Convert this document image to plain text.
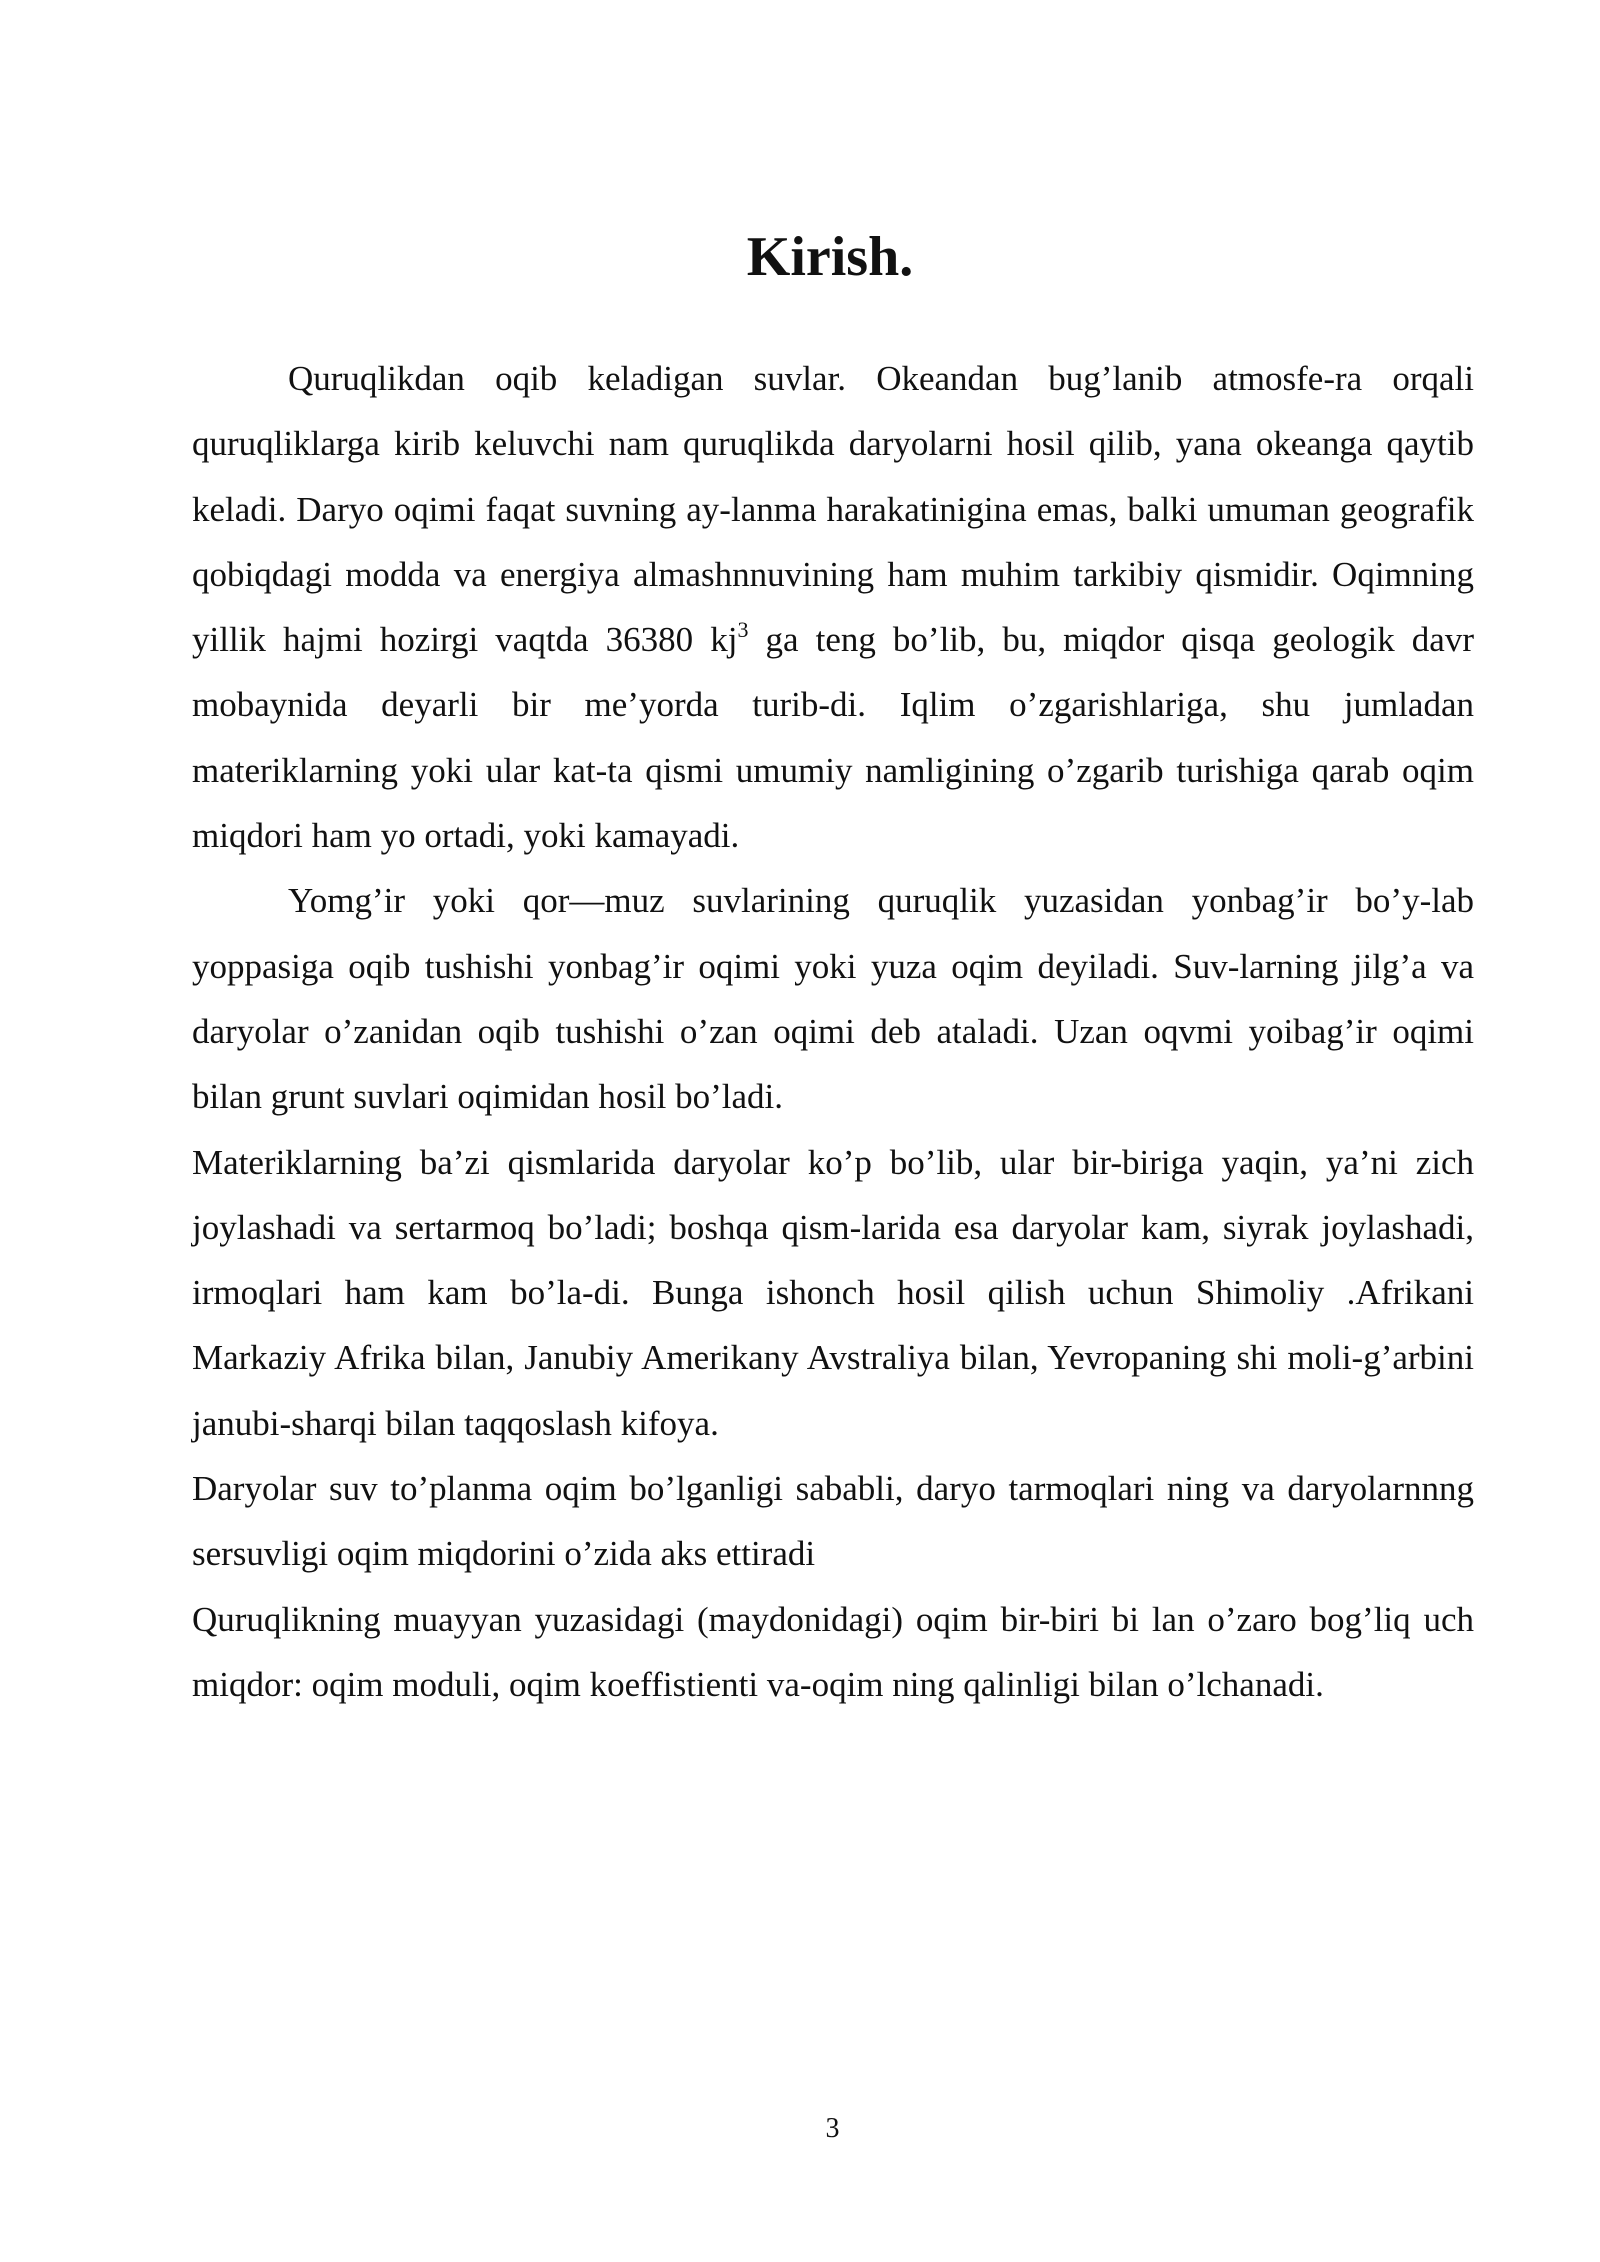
Kirish.

Quruqlikdan oqib keladigan suvlar. Okeandan bug’lanib atmosfe-ra orqali quruqliklarga kirib keluvchi nam quruqlikda daryolarni hosil qilib, yana okeanga qaytib keladi. Daryo oqimi faqat suvning ay-lanma harakatinigina emas, balki umuman geografik qobiqdagi modda va energiya almashnnuvining ham muhim tarkibiy qismidir. Oqimning yillik hajmi hozirgi vaqtda 36380 $kj^3$ ga teng bo’lib, bu, miqdor qisqa geologik davr mobaynida deyarli bir me’yorda turib-di. Iqlim o’zgarishlariga, shu jumladan materiklarning yoki ular kat-ta qismi umumiy namligining o’zgarib turishiga qarab oqim miqdori ham yo ortadi, yoki kamayadi.

Yomg’ir yoki qor—muz suvlarining quruqlik yuzasidan yonbag’ir bo’y-lab yoppasiga oqib tushishi yonbag’ir oqimi yoki yuza oqim deyiladi. Suv-larning jilg’a va daryolar o’zanidan oqib tushishi o’zan oqimi deb ataladi. Uzan oqvmi yoibag’ir oqimi bilan grunt suvlari oqimidan hosil bo’ladi.

Materiklarning ba’zi qismlarida daryolar ko’p bo’lib, ular bir-biriga yaqin, ya’ni zich joylashadi va sertarmoq bo’ladi; boshqa qism-larida esa daryolar kam, siyrak joylashadi, irmoqlari ham kam bo’la-di. Bunga ishonch hosil qilish uchun Shimoliy .Afrikani Markaziy Afrika bilan, Janubiy Amerikany Avstraliya bilan, Yevropaning shi moli-g’arbini janubi-sharqi bilan taqqoslash kifoya.

Daryolar suv to’planma oqim bo’lganligi sababli, daryo tarmoqlari ning va daryolarnnng sersuvligi oqim miqdorini o’zida aks ettiradi

Quruqlikning muayyan yuzasidagi (maydonidagi) oqim bir-biri bi lan o’zaro bog’liq uch miqdor: oqim moduli, oqim koeffistienti va-oqim ning qalinligi bilan o’lchanadi.

3
